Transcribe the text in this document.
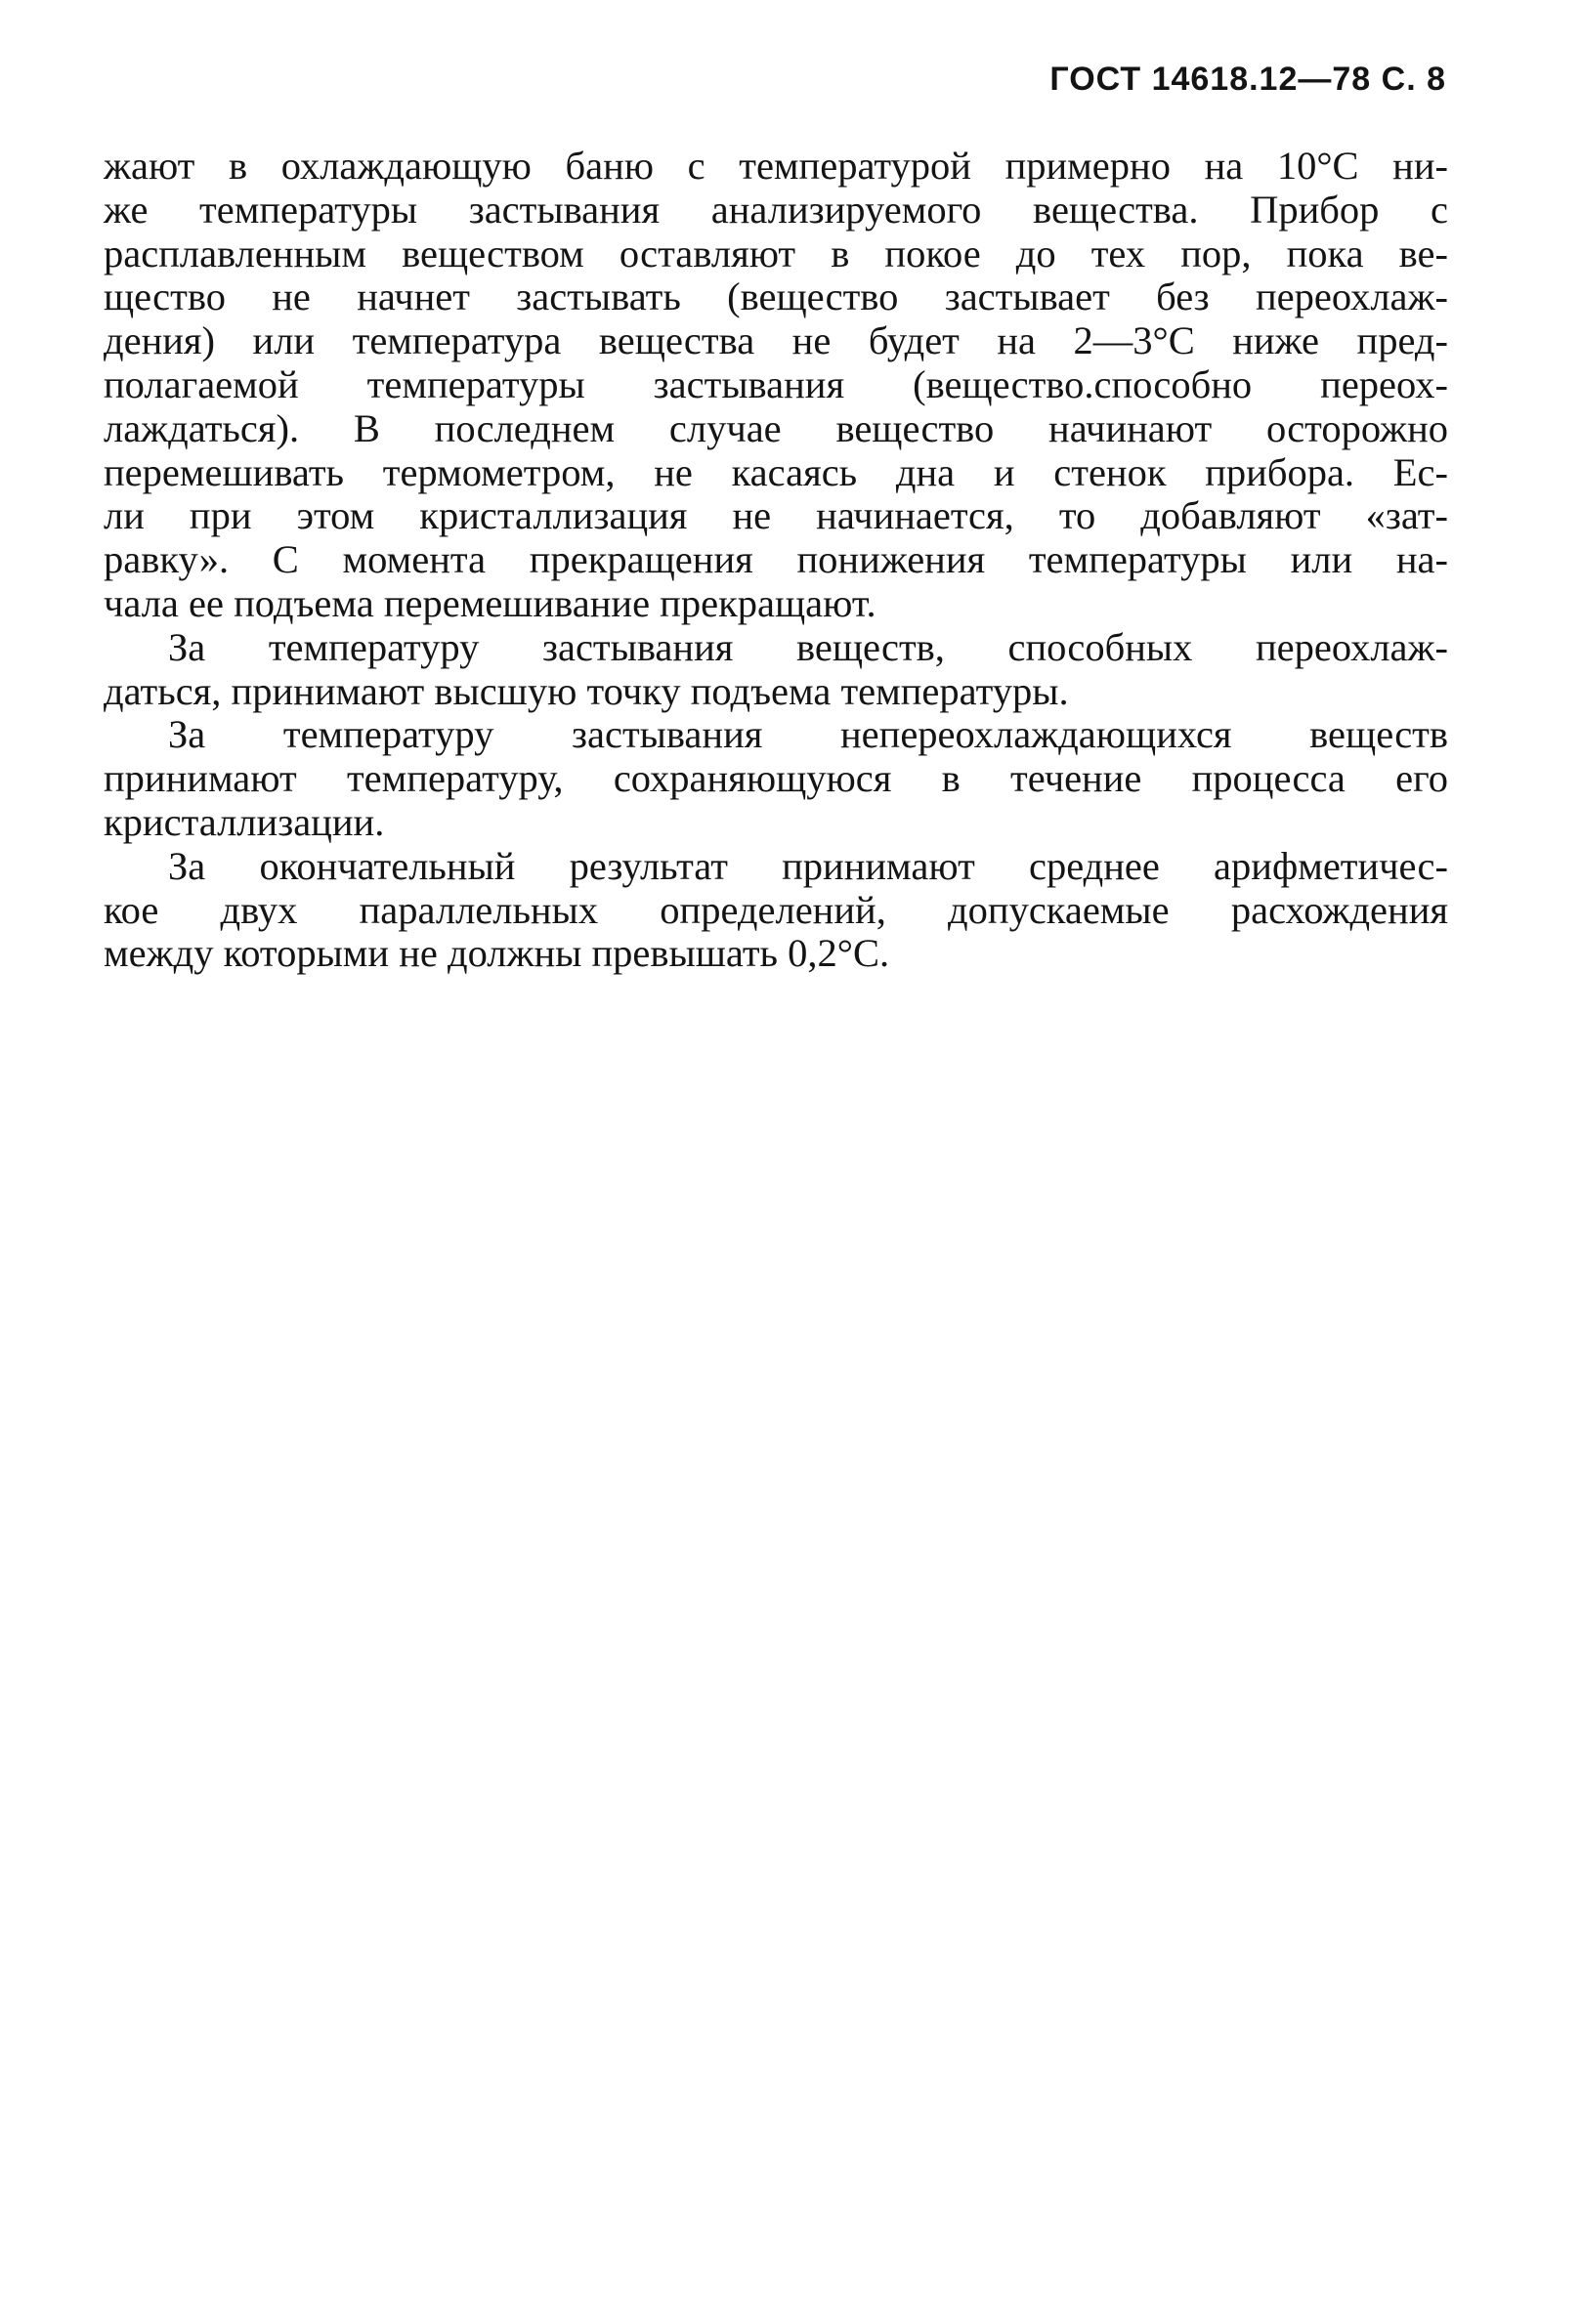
ГОСТ 14618.12—78 С. 8
жают в охлаждающую баню с температурой примерно на 10°С ни-
же температуры застывания анализируемого вещества. Прибор с
расплавленным веществом оставляют в покое до тех пор, пока ве-
щество не начнет застывать (вещество застывает без переохлаж-
дения) или температура вещества не будет на 2—3°С ниже пред-
полагаемой температуры застывания (вещество.способно переох-
лаждаться). В последнем случае вещество начинают осторожно
перемешивать термометром, не касаясь дна и стенок прибора. Ес-
ли при этом кристаллизация не начинается, то добавляют «зат-
равку». С момента прекращения понижения температуры или на-
чала ее подъема перемешивание прекращают.
За температуру застывания веществ, способных переохлаж-
даться, принимают высшую точку подъема температуры.
За температуру застывания непереохлаждающихся веществ
принимают температуру, сохраняющуюся в течение процесса его
кристаллизации.
За окончательный результат принимают среднее арифметичес-
кое двух параллельных определений, допускаемые расхождения
между которыми не должны превышать 0,2°С.
